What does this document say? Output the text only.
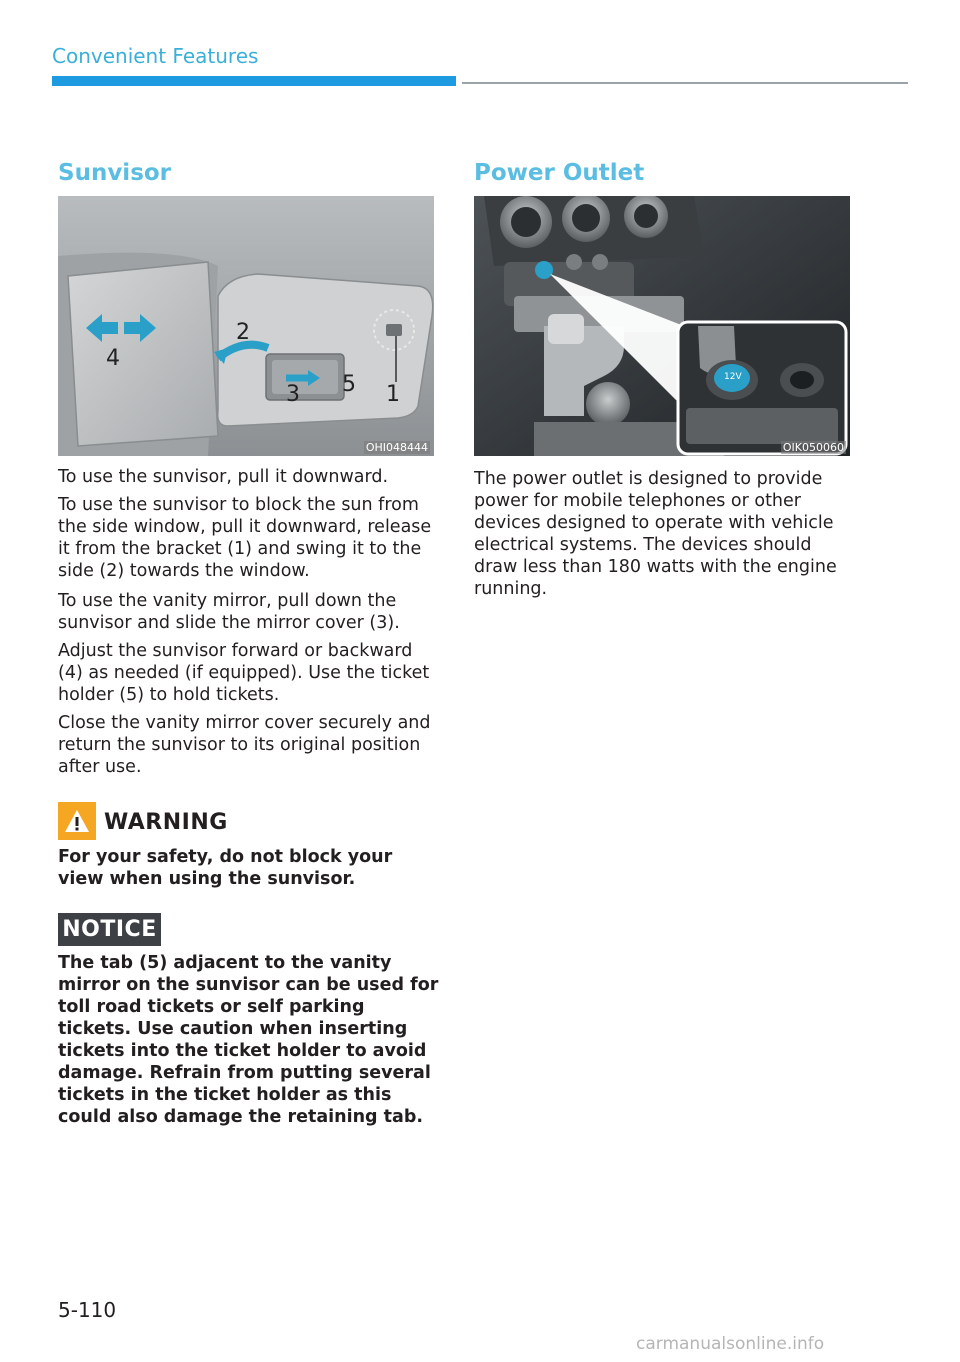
Convenient Features
Sunvisor
1
2
3
4
5
OHI048444
To use the sunvisor, pull it downward.
To use the sunvisor to block the sun from the side window, pull it downward, release it from the bracket (1) and swing it to the side (2) towards the window.
To use the vanity mirror, pull down the sunvisor and slide the mirror cover (3).
Adjust the sunvisor forward or backward (4) as needed (if equipped). Use the ticket holder (5) to hold tickets.
Close the vanity mirror cover securely and return the sunvisor to its original position after use.
WARNING
For your safety, do not block your view when using the sunvisor.
NOTICE
The tab (5) adjacent to the vanity mirror on the sunvisor can be used for toll road tickets or self parking tickets. Use caution when inserting tickets into the ticket holder to avoid damage. Refrain from putting several tickets in the ticket holder as this could also damage the retaining tab.
Power Outlet
12V
OIK050060
The power outlet is designed to provide power for mobile telephones or other devices designed to operate with vehicle electrical systems. The devices should draw less than 180 watts with the engine running.
5-110
carmanualsonline.info
